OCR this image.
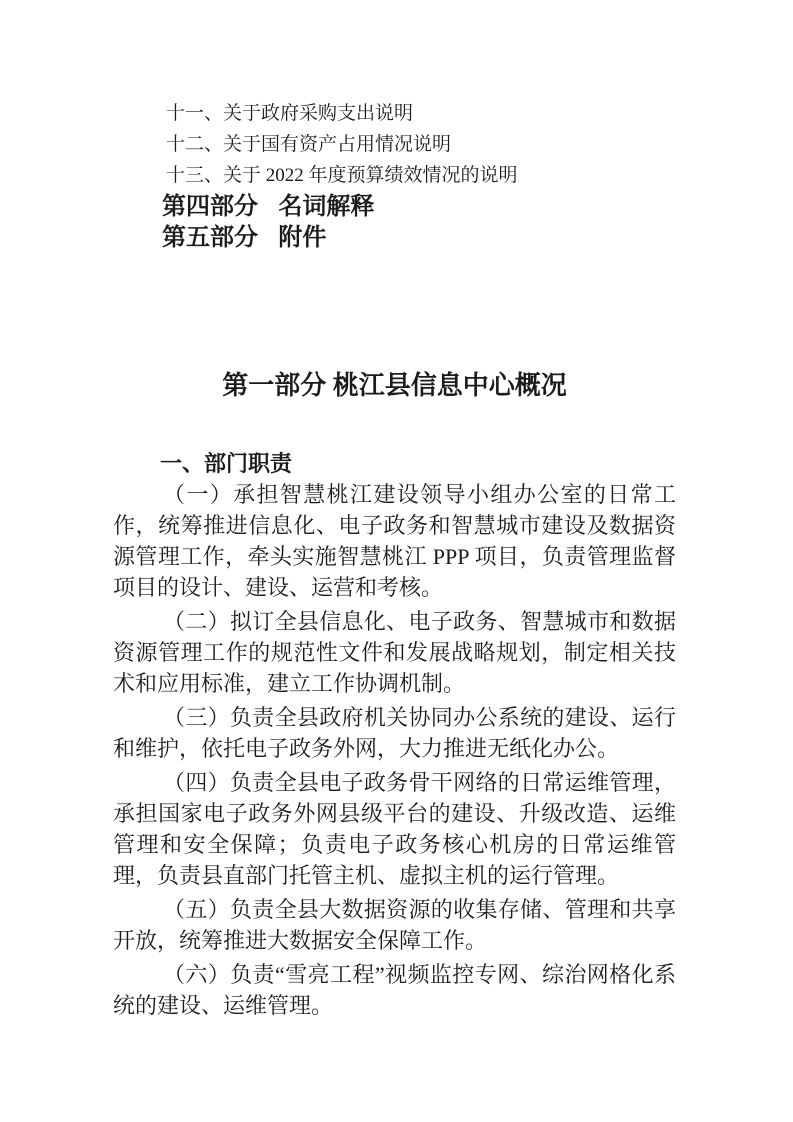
十一、关于政府采购支出说明

十二、关于国有资产占用情况说明

十三、关于 2022 年度预算绩效情况的说明

第四部分 名词解释

第五部分 附件

第一部分 桃江县信息中心概况
一、部门职责

（一）承担智慧桃江建设领导小组办公室的日常工作，统筹推进信息化、电子政务和智慧城市建设及数据资源管理工作，牵头实施智慧桃江 PPP 项目，负责管理监督项目的设计、建设、运营和考核。

（二）拟订全县信息化、电子政务、智慧城市和数据资源管理工作的规范性文件和发展战略规划，制定相关技术和应用标准，建立工作协调机制。

（三）负责全县政府机关协同办公系统的建设、运行和维护，依托电子政务外网，大力推进无纸化办公。

（四）负责全县电子政务骨干网络的日常运维管理，承担国家电子政务外网县级平台的建设、升级改造、运维管理和安全保障；负责电子政务核心机房的日常运维管理，负责县直部门托管主机、虚拟主机的运行管理。

（五）负责全县大数据资源的收集存储、管理和共享开放，统筹推进大数据安全保障工作。

（六）负责“雪亮工程”视频监控专网、综治网格化系统的建设、运维管理。
